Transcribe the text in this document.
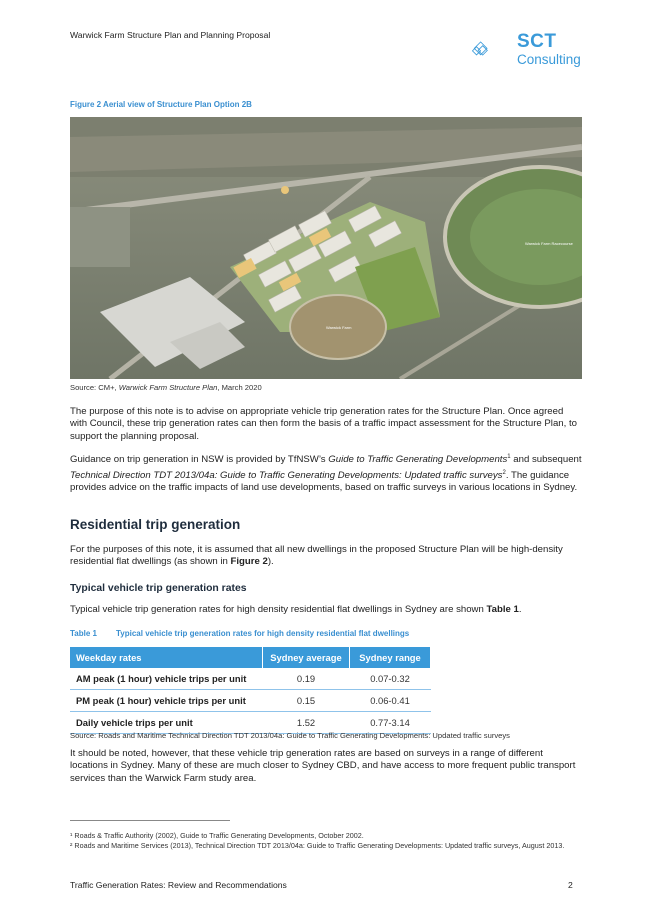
Warwick Farm Structure Plan and Planning Proposal	SCT
Consulting
Figure 2 Aerial view of Structure Plan Option 2B
Warwick Farm Racecourse
Warwick Farm
Source: CM+, Warwick Farm Structure Plan, March 2020
The purpose of this note is to advise on appropriate vehicle trip generation rates for the Structure Plan. Once agreed with Council, these trip generation rates can then form the basis of a traffic impact assessment for the Structure Plan, to support the planning proposal.
Guidance on trip generation in NSW is provided by TfNSW’s Guide to Traffic Generating Developments$^1$ and subsequent Technical Direction TDT 2013/04a: Guide to Traffic Generating Developments: Updated traffic surveys$^2$. The guidance provides advice on the traffic impacts of land use developments, based on traffic surveys in various locations in Sydney.
Residential trip generation
For the purposes of this note, it is assumed that all new dwellings in the proposed Structure Plan will be high-density residential flat dwellings (as shown in Figure 2).
Typical vehicle trip generation rates
Typical vehicle trip generation rates for high density residential flat dwellings in Sydney are shown Table 1.
Table 1 Typical vehicle trip generation rates for high density residential flat dwellings
Weekday rates	Sydney average	Sydney range
AM peak (1 hour) vehicle trips per unit	0.19	0.07-0.32
PM peak (1 hour) vehicle trips per unit	0.15	0.06-0.41
Daily vehicle trips per unit	1.52	0.77-3.14
Source: Roads and Maritime Technical Direction TDT 2013/04a: Guide to Traffic Generating Developments: Updated traffic surveys
It should be noted, however, that these vehicle trip generation rates are based on surveys in a range of different locations in Sydney. Many of these are much closer to Sydney CBD, and have access to more frequent public transport services than the Warwick Farm study area.
¹ Roads & Traffic Authority (2002), Guide to Traffic Generating Developments, October 2002.
² Roads and Maritime Services (2013), Technical Direction TDT 2013/04a: Guide to Traffic Generating Developments: Updated traffic surveys, August 2013.
Traffic Generation Rates: Review and Recommendations	2
